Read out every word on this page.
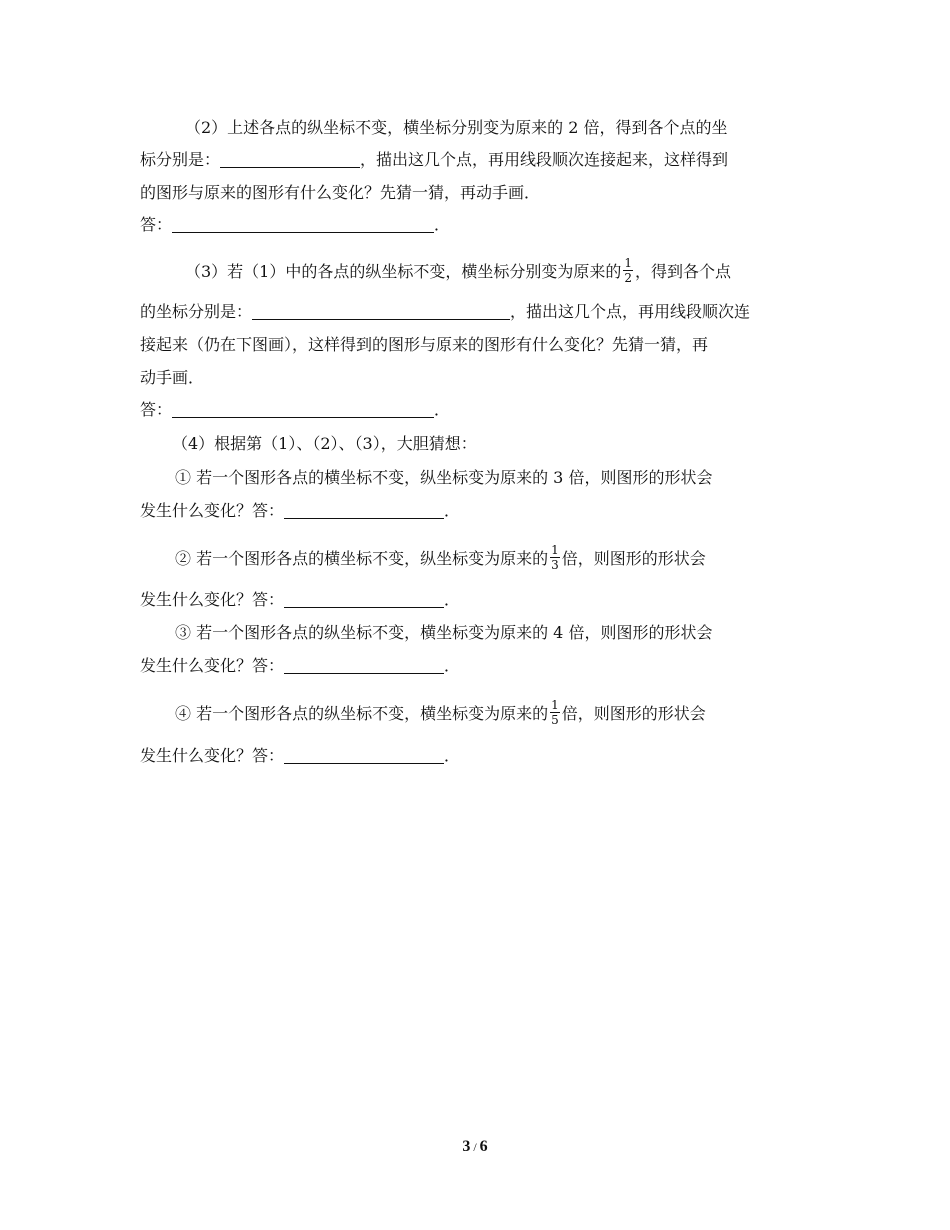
（2）上述各点的纵坐标不变，横坐标分别变为原来的 2 倍，得到各个点的坐
标分别是：	，描出这几个点，再用线段顺次连接起来，这样得到
的图形与原来的图形有什么变化？先猜一猜，再动手画．
答：	．
（3）若（1）中的各点的纵坐标不变，横坐标分别变为原来的 $\frac{1}{2}$ ，得到各个点
的坐标分别是：	，描出这几个点，再用线段顺次连
接起来（仍在下图画），这样得到的图形与原来的图形有什么变化？先猜一猜，再
动手画．
答：	．
（4）根据第（1）、（2）、（3），大胆猜想：
① 若一个图形各点的横坐标不变，纵坐标变为原来的 3 倍，则图形的形状会
发生什么变化？答：	．
② 若一个图形各点的横坐标不变，纵坐标变为原来的 $\frac{1}{3}$ 倍，则图形的形状会
发生什么变化？答：	．
③ 若一个图形各点的纵坐标不变，横坐标变为原来的 4 倍，则图形的形状会
发生什么变化？答：	．
④ 若一个图形各点的纵坐标不变，横坐标变为原来的 $\frac{1}{5}$ 倍，则图形的形状会
发生什么变化？答：	．
3 / 6
